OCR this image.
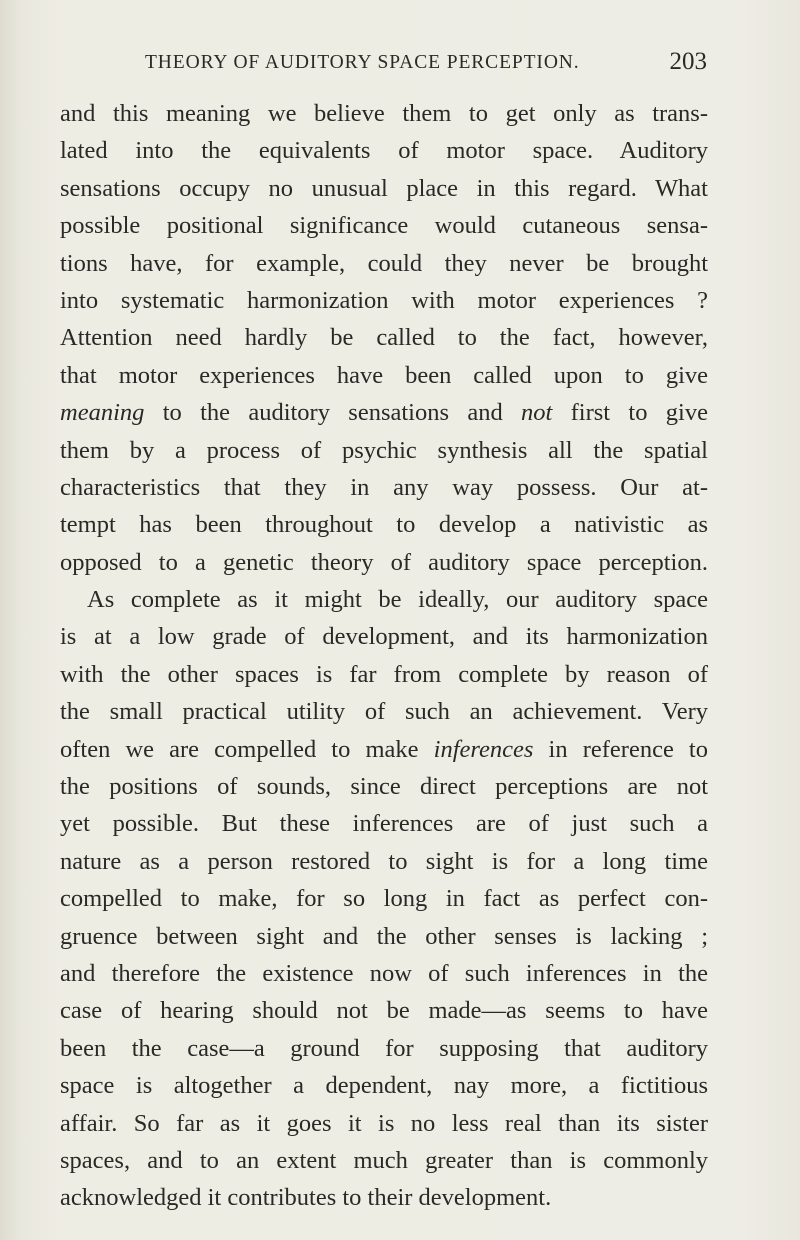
THEORY OF AUDITORY SPACE PERCEPTION.	203
and this meaning we believe them to get only as trans-
lated into the equivalents of motor space. Auditory
sensations occupy no unusual place in this regard. What
possible positional significance would cutaneous sensa-
tions have, for example, could they never be brought
into systematic harmonization with motor experiences ?
Attention need hardly be called to the fact, however,
that motor experiences have been called upon to give
meaning to the auditory sensations and not first to give
them by a process of psychic synthesis all the spatial
characteristics that they in any way possess. Our at-
tempt has been throughout to develop a nativistic as
opposed to a genetic theory of auditory space perception.
As complete as it might be ideally, our auditory space
is at a low grade of development, and its harmonization
with the other spaces is far from complete by reason of
the small practical utility of such an achievement. Very
often we are compelled to make inferences in reference to
the positions of sounds, since direct perceptions are not
yet possible. But these inferences are of just such a
nature as a person restored to sight is for a long time
compelled to make, for so long in fact as perfect con-
gruence between sight and the other senses is lacking ;
and therefore the existence now of such inferences in the
case of hearing should not be made—as seems to have
been the case—a ground for supposing that auditory
space is altogether a dependent, nay more, a fictitious
affair. So far as it goes it is no less real than its sister
spaces, and to an extent much greater than is commonly
acknowledged it contributes to their development.
